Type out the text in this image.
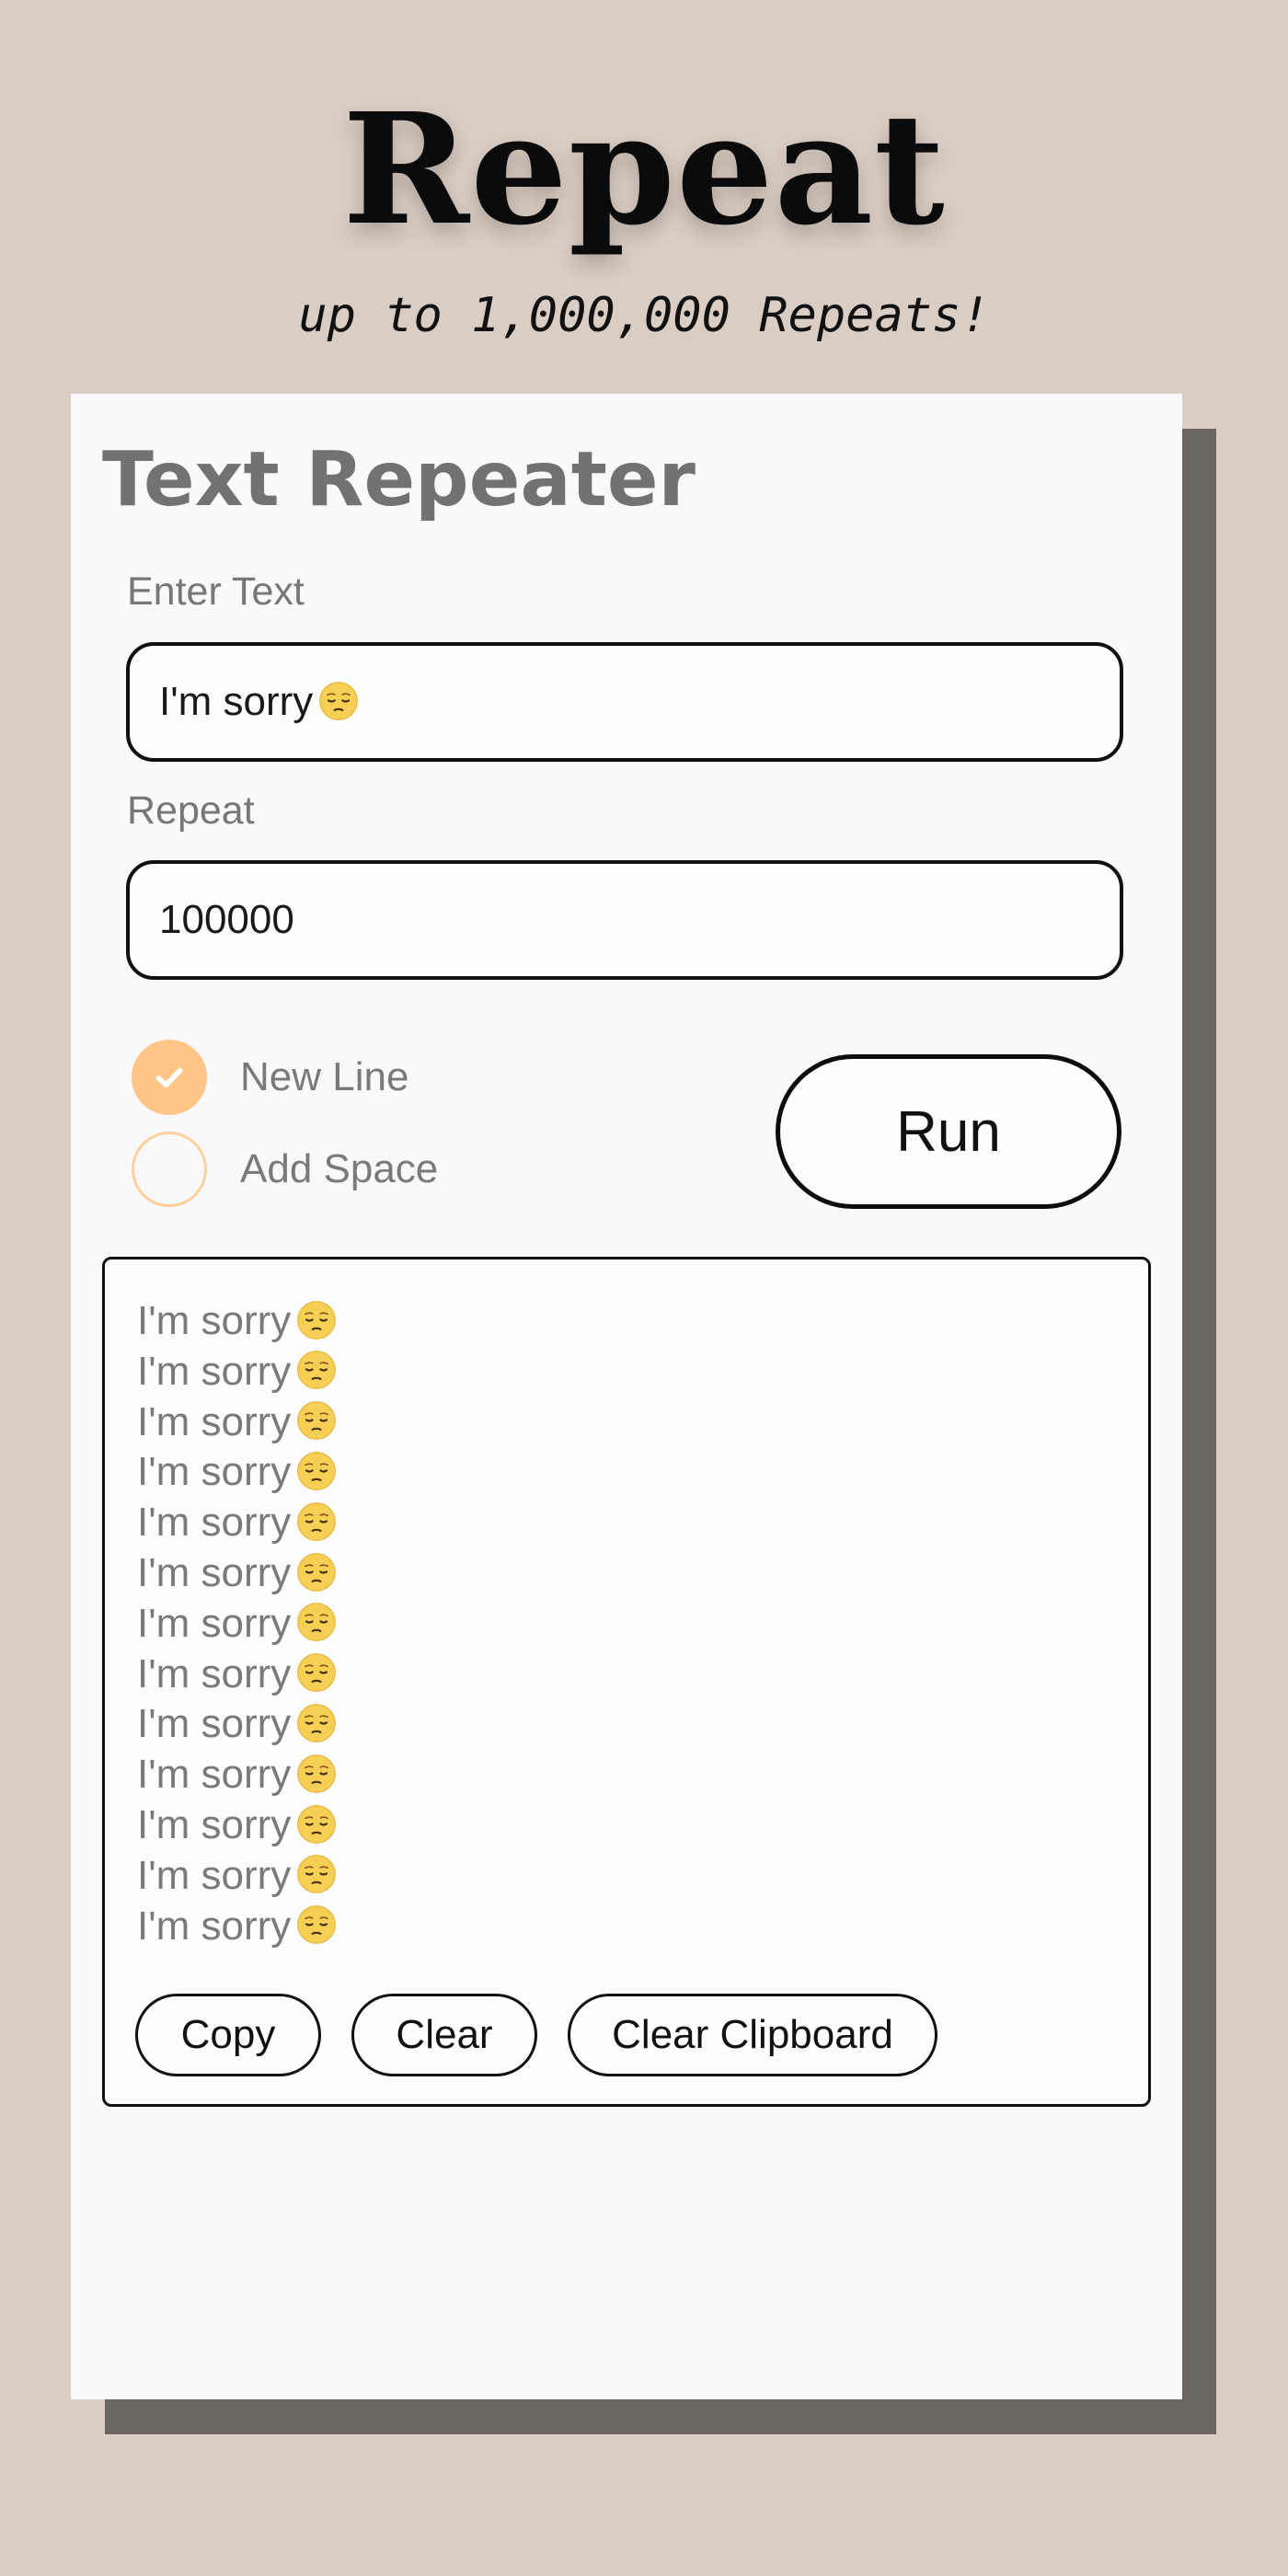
Repeat
up to 1,000,000 Repeats!
Text Repeater
Enter Text
I'm sorry
Repeat
100000
New Line
Add Space
Run
I'm sorry
I'm sorry
I'm sorry
I'm sorry
I'm sorry
I'm sorry
I'm sorry
I'm sorry
I'm sorry
I'm sorry
I'm sorry
I'm sorry
I'm sorry
Copy	Clear	Clear Clipboard
